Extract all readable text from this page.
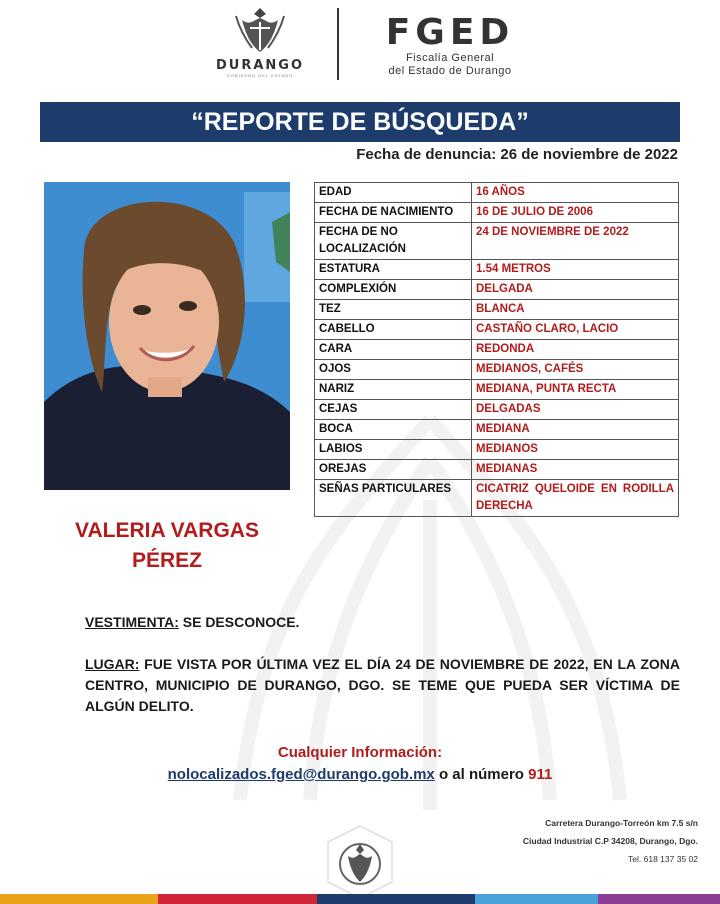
DURANGO
GOBIERNO DEL ESTADO
FGED
Fiscalía General
del Estado de Durango
“REPORTE DE BÚSQUEDA”
Fecha de denuncia: 26 de noviembre de 2022
EDAD	16 AÑOS
FECHA DE NACIMIENTO	16 DE JULIO DE 2006
FECHA DE NO LOCALIZACIÓN	24 DE NOVIEMBRE DE 2022
ESTATURA	1.54 METROS
COMPLEXIÓN	DELGADA
TEZ	BLANCA
CABELLO	CASTAÑO CLARO, LACIO
CARA	REDONDA
OJOS	MEDIANOS, CAFÉS
NARIZ	MEDIANA, PUNTA RECTA
CEJAS	DELGADAS
BOCA	MEDIANA
LABIOS	MEDIANOS
OREJAS	MEDIANAS
SEÑAS PARTICULARES	CICATRIZ QUELOIDE EN RODILLA DERECHA
VALERIA VARGAS
PÉREZ
VESTIMENTA: SE DESCONOCE.
LUGAR: FUE VISTA POR ÚLTIMA VEZ EL DÍA 24 DE NOVIEMBRE DE 2022, EN LA ZONA CENTRO, MUNICIPIO DE DURANGO, DGO. SE TEME QUE PUEDA SER VÍCTIMA DE ALGÚN DELITO.
Cualquier Información:
nolocalizados.fged@durango.gob.mx o al número 911
Carretera Durango-Torreón km 7.5 s/n
Ciudad Industrial C.P 34208, Durango, Dgo.
Tel. 618 137 35 02
